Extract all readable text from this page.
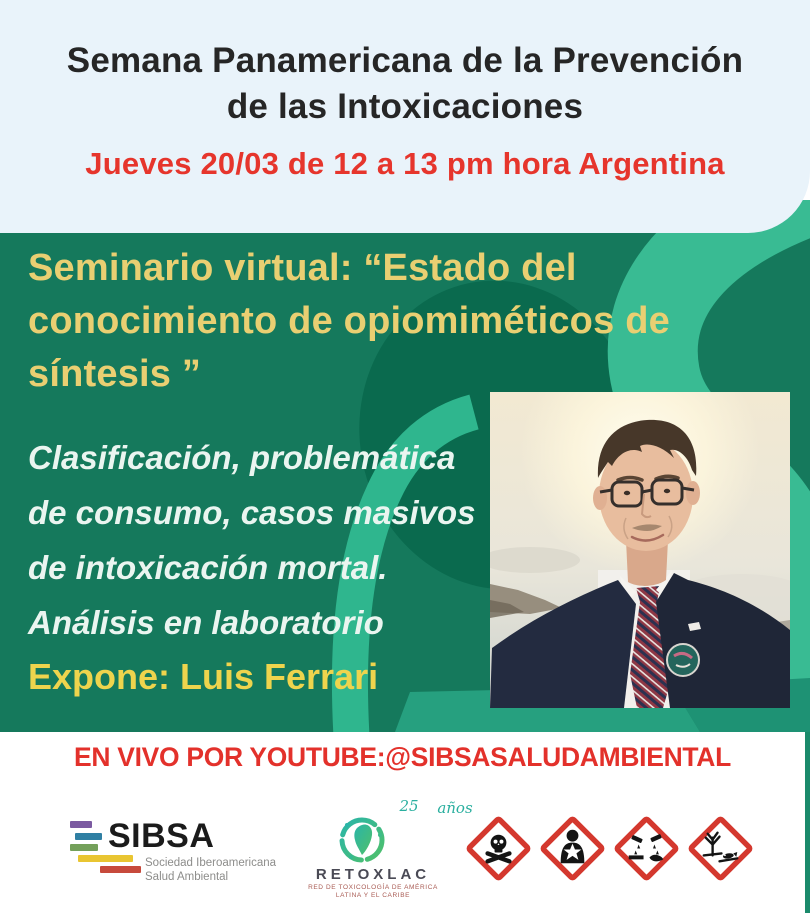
Seminario virtual: “Estado del
conocimiento de opiomiméticos de
síntesis ”
Clasificación, problemática
de consumo, casos masivos
de intoxicación mortal.
Análisis en laboratorio
Expone: Luis Ferrari
Semana Panamericana de la Prevención
de las Intoxicaciones
Jueves 20/03 de 12 a 13 pm hora Argentina
EN VIVO POR YOUTUBE:@SIBSASALUDAMBIENTAL
SIBSA
Sociedad Iberoamericana
Salud Ambiental
25	años
RETOXLAC
RED DE TOXICOLOGÍA DE AMÉRICA
LATINA Y EL CARIBE
